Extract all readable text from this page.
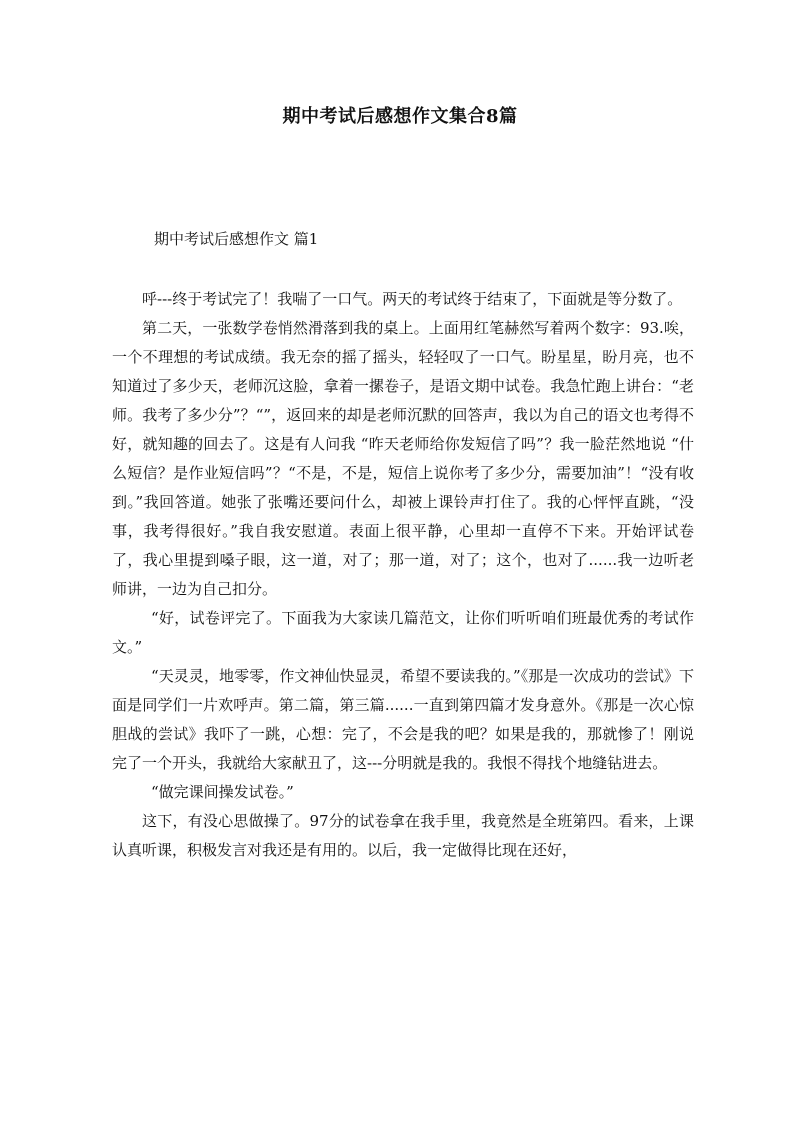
期中考试后感想作文集合8篇
期中考试后感想作文 篇1

呼---终于考试完了！我喘了一口气。两天的考试终于结束了，下面就是等分数了。

第二天，一张数学卷悄然滑落到我的桌上。上面用红笔赫然写着两个数字：93.唉，一个不理想的考试成绩。我无奈的摇了摇头，轻轻叹了一口气。盼星星，盼月亮，也不知道过了多少天，老师沉这脸，拿着一摞卷子，是语文期中试卷。我急忙跑上讲台：“老师。我考了多少分”？“”，返回来的却是老师沉默的回答声，我以为自己的语文也考得不好，就知趣的回去了。这是有人问我 “昨天老师给你发短信了吗”？我一脸茫然地说 “什么短信？是作业短信吗”？“不是，不是，短信上说你考了多少分，需要加油”！“没有收到。”我回答道。她张了张嘴还要问什么，却被上课铃声打住了。我的心怦怦直跳，“没事，我考得很好。”我自我安慰道。表面上很平静，心里却一直停不下来。开始评试卷了，我心里提到嗓子眼，这一道，对了；那一道，对了；这个，也对了......我一边听老师讲，一边为自己扣分。

“好，试卷评完了。下面我为大家读几篇范文，让你们听听咱们班最优秀的考试作文。”

“天灵灵，地零零，作文神仙快显灵，希望不要读我的。”《那是一次成功的尝试》下面是同学们一片欢呼声。第二篇，第三篇......一直到第四篇才发身意外。《那是一次心惊胆战的尝试》我吓了一跳，心想：完了，不会是我的吧？如果是我的，那就惨了！刚说完了一个开头，我就给大家献丑了，这---分明就是我的。我恨不得找个地缝钻进去。

“做完课间操发试卷。”

这下，有没心思做操了。97分的试卷拿在我手里，我竟然是全班第四。看来，上课认真听课，积极发言对我还是有用的。以后，我一定做得比现在还好，
